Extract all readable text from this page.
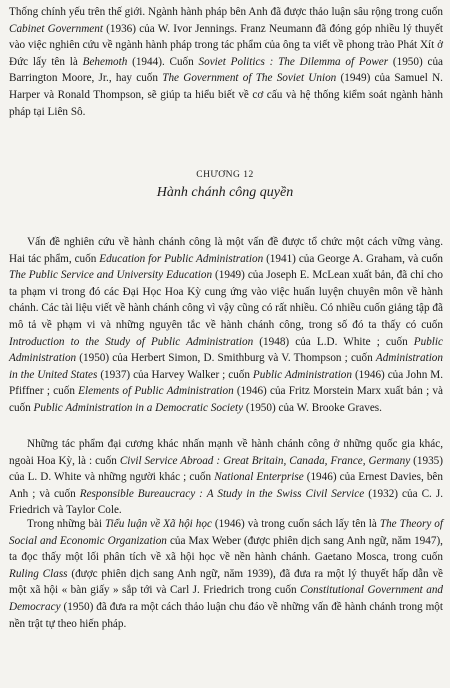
Thống chính yếu trên thế giới. Ngành hành pháp bên Anh đã được thảo luận sâu rộng trong cuốn Cabinet Government (1936) của W. Ivor Jennings. Franz Neumann đã đóng góp nhiều lý thuyết vào việc nghiên cứu về ngành hành pháp trong tác phẩm của ông ta viết về phong trào Phát Xít ở Đức lấy tên là Behemoth (1944). Cuốn Soviet Politics : The Dilemma of Power (1950) của Barrington Moore, Jr., hay cuốn The Government of The Soviet Union (1949) của Samuel N. Harper và Ronald Thompson, sẽ giúp ta hiểu biết về cơ cấu và hệ thống kiểm soát ngành hành pháp tại Liên Sô.

CHƯƠNG 12
Hành chánh công quyền

Vấn đề nghiên cứu về hành chánh công là một vấn đề được tổ chức một cách vững vàng. Hai tác phẩm, cuốn Education for Public Administration (1941) của George A. Graham, và cuốn The Public Service and University Education (1949) của Joseph E. McLean xuất bản, đã chỉ cho ta phạm vi trong đó các Đại Học Hoa Kỳ cung ứng vào việc huấn luyện chuyên môn về hành chánh. Các tài liệu viết về hành chánh công vì vậy cũng có rất nhiều. Có nhiều cuốn giảng tập đã mô tả về phạm vi và những nguyên tắc về hành chánh công, trong số đó ta thấy có cuốn Introduction to the Study of Public Administration (1948) của L.D. White ; cuốn Public Administration (1950) của Herbert Simon, D. Smithburg và V. Thompson ; cuốn Administration in the United States (1937) của Harvey Walker ; cuốn Public Administration (1946) của John M. Pfiffner ; cuốn Elements of Public Administration (1946) của Fritz Morstein Marx xuất bản ; và cuốn Public Administration in a Democratic Society (1950) của W. Brooke Graves.

Những tác phẩm đại cương khác nhấn mạnh về hành chánh công ở những quốc gia khác, ngoài Hoa Kỳ, là : cuốn Civil Service Abroad : Great Britain, Canada, France, Germany (1935) của L. D. White và những người khác ; cuốn National Enterprise (1946) của Ernest Davies, bên Anh ; và cuốn Responsible Bureaucracy : A Study in the Swiss Civil Service (1932) của C. J. Friedrich và Taylor Cole.

Trong những bài Tiểu luận về Xã hội học (1946) và trong cuốn sách lấy tên là The Theory of Social and Economic Organization của Max Weber (được phiên dịch sang Anh ngữ, năm 1947), ta đọc thấy một lối phân tích về xã hội học về nền hành chánh. Gaetano Mosca, trong cuốn Ruling Class (được phiên dịch sang Anh ngữ, năm 1939), đã đưa ra một lý thuyết hấp dẫn về một xã hội « bàn giấy » sắp tới và Carl J. Friedrich trong cuốn Constitutional Government and Democracy (1950) đã đưa ra một cách thảo luận chu đáo về những vấn đề hành chánh trong một nền trật tự theo hiến pháp.
